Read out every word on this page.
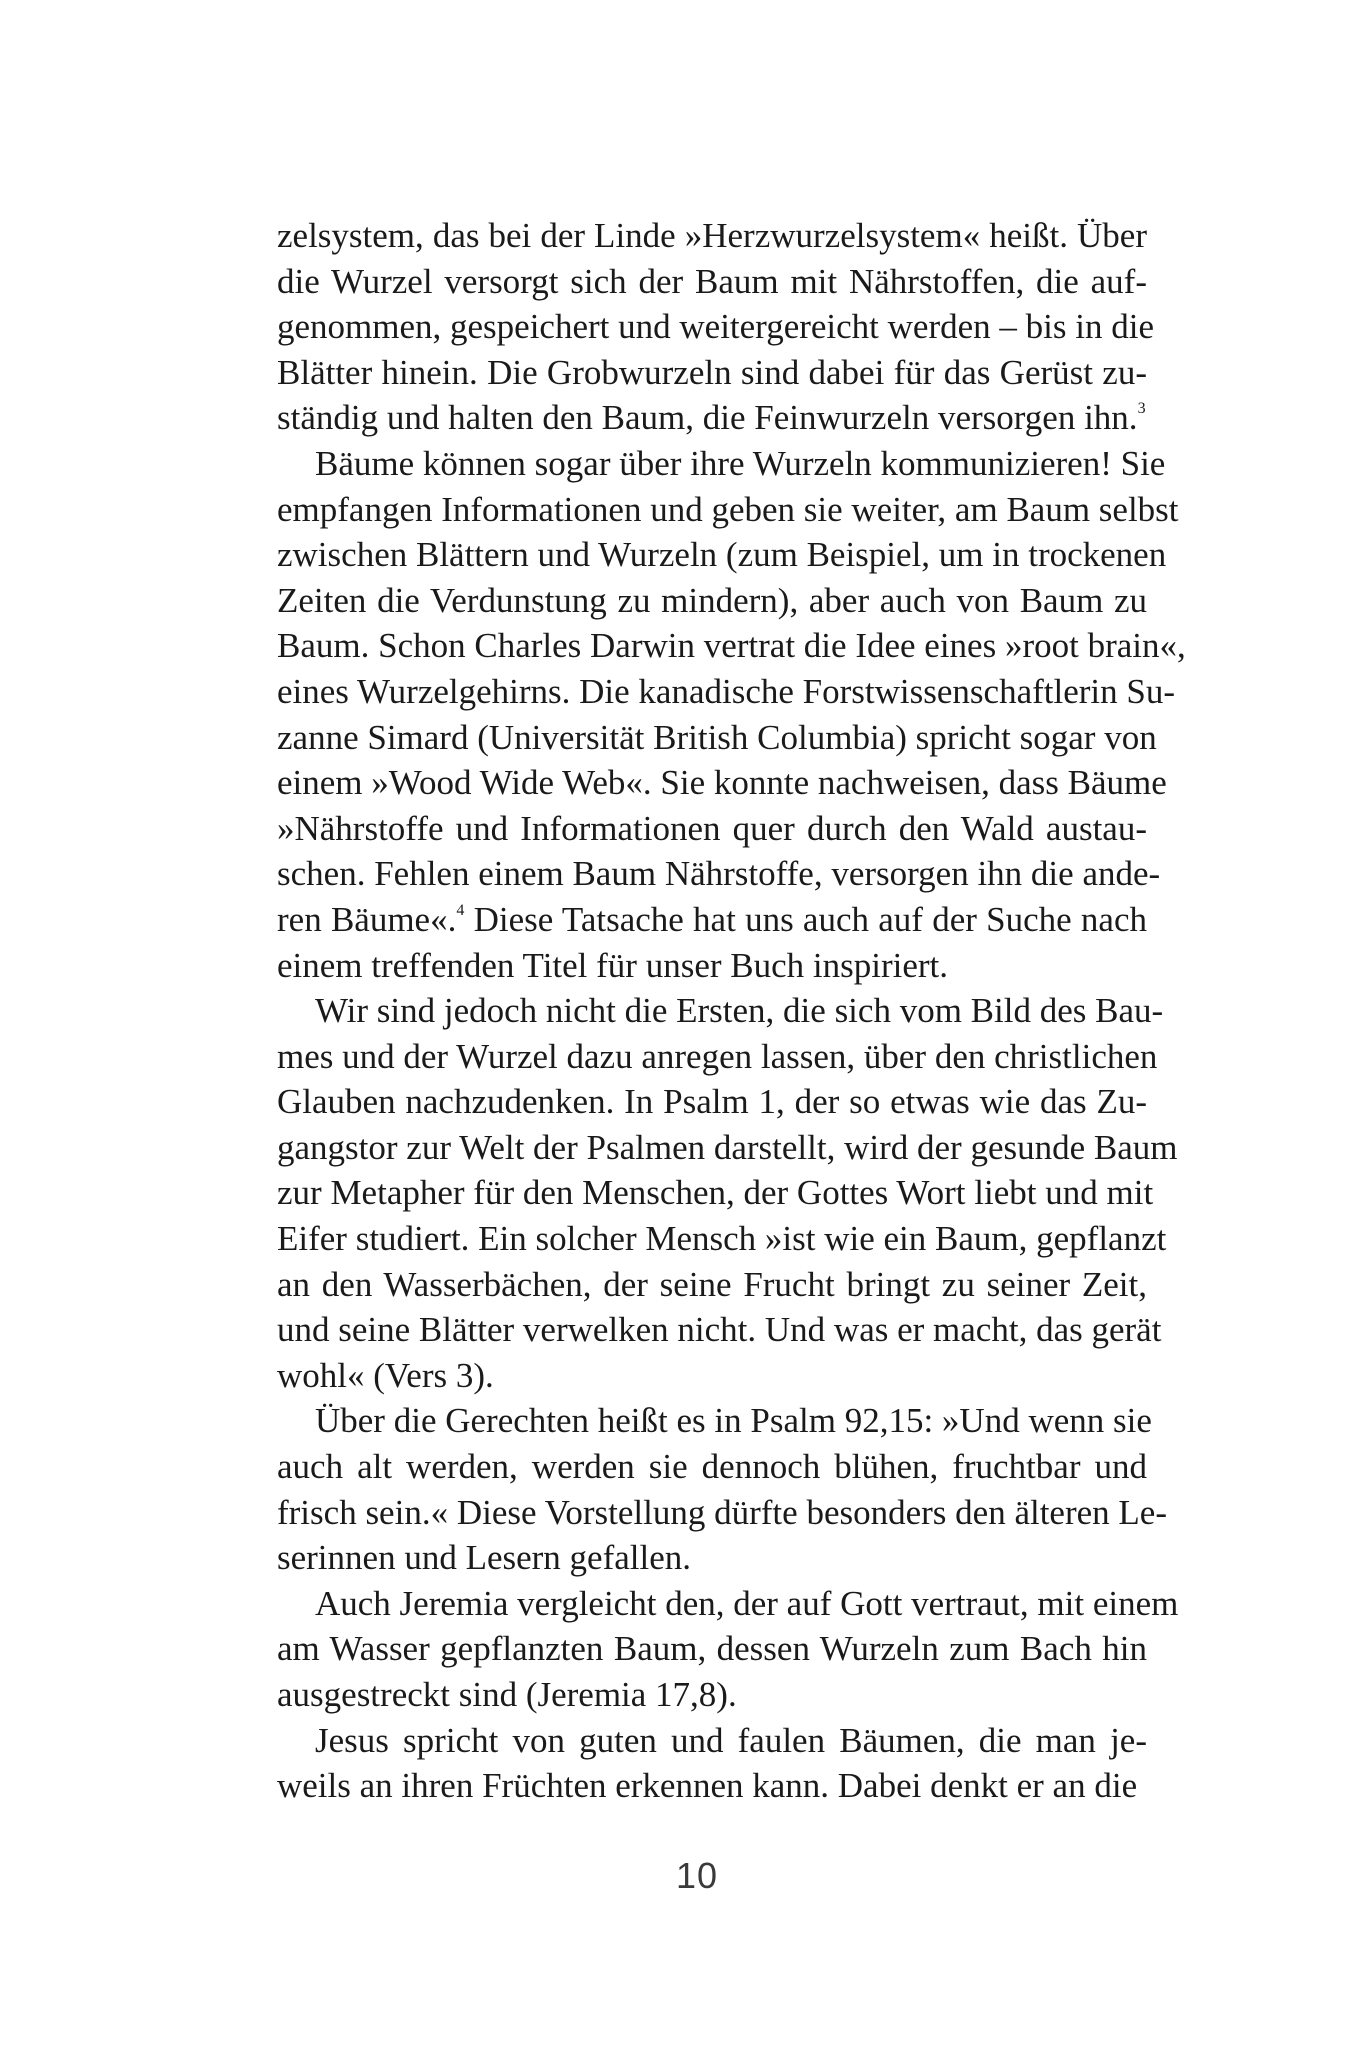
zelsystem, das bei der Linde »Herzwurzelsystem« heißt. Über
die Wurzel versorgt sich der Baum mit Nährstoffen, die auf-
genommen, gespeichert und weitergereicht werden – bis in die
Blätter hinein. Die Grobwurzeln sind dabei für das Gerüst zu-
ständig und halten den Baum, die Feinwurzeln versorgen ihn.$^3$
Bäume können sogar über ihre Wurzeln kommunizieren! Sie
empfangen Informationen und geben sie weiter, am Baum selbst
zwischen Blättern und Wurzeln (zum Beispiel, um in trockenen
Zeiten die Verdunstung zu mindern), aber auch von Baum zu
Baum. Schon Charles Darwin vertrat die Idee eines »root brain«,
eines Wurzelgehirns. Die kanadische Forstwissenschaftlerin Su-
zanne Simard (Universität British Columbia) spricht sogar von
einem »Wood Wide Web«. Sie konnte nachweisen, dass Bäume
»Nährstoffe und Informationen quer durch den Wald austau-
schen. Fehlen einem Baum Nährstoffe, versorgen ihn die ande-
ren Bäume«.$^4$ Diese Tatsache hat uns auch auf der Suche nach
einem treffenden Titel für unser Buch inspiriert.
Wir sind jedoch nicht die Ersten, die sich vom Bild des Bau-
mes und der Wurzel dazu anregen lassen, über den christlichen
Glauben nachzudenken. In Psalm 1, der so etwas wie das Zu-
gangstor zur Welt der Psalmen darstellt, wird der gesunde Baum
zur Metapher für den Menschen, der Gottes Wort liebt und mit
Eifer studiert. Ein solcher Mensch »ist wie ein Baum, gepflanzt
an den Wasserbächen, der seine Frucht bringt zu seiner Zeit,
und seine Blätter verwelken nicht. Und was er macht, das gerät
wohl« (Vers 3).
Über die Gerechten heißt es in Psalm 92,15: »Und wenn sie
auch alt werden, werden sie dennoch blühen, fruchtbar und
frisch sein.« Diese Vorstellung dürfte besonders den älteren Le-
serinnen und Lesern gefallen.
Auch Jeremia vergleicht den, der auf Gott vertraut, mit einem
am Wasser gepflanzten Baum, dessen Wurzeln zum Bach hin
ausgestreckt sind (Jeremia 17,8).
Jesus spricht von guten und faulen Bäumen, die man je-
weils an ihren Früchten erkennen kann. Dabei denkt er an die
10
